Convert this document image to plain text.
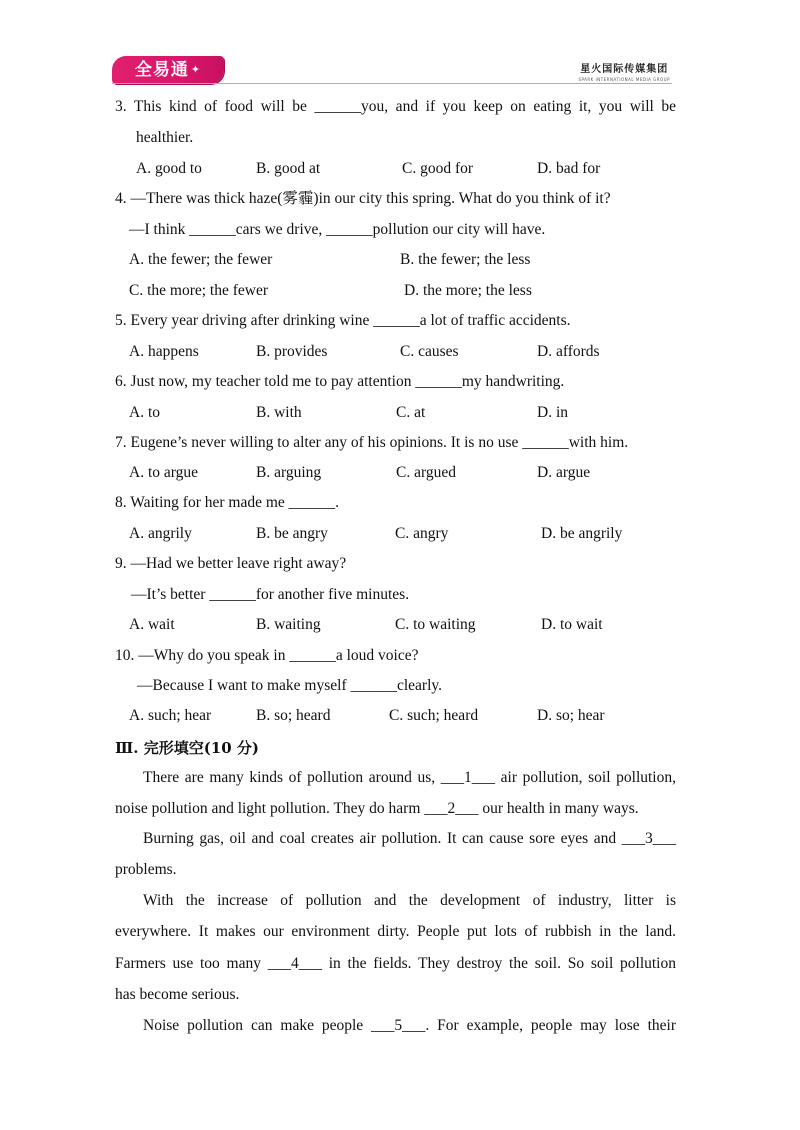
全易通 ✦	星火国际传媒集团
SPARK INTERNATIONAL MEDIA GROUP
3. This kind of food will be ______you, and if you keep on eating it, you will be
healthier.
A. good to	B. good at	C. good for	D. bad for
4. —There was thick haze(雾霾)in our city this spring. What do you think of it?
—I think ______cars we drive, ______pollution our city will have.
A. the fewer; the fewer	B. the fewer; the less
C. the more; the fewer	D. the more; the less
5. Every year driving after drinking wine ______a lot of traffic accidents.
A. happens	B. provides	C. causes	D. affords
6. Just now, my teacher told me to pay attention ______my handwriting.
A. to	B. with	C. at	D. in
7. Eugene’s never willing to alter any of his opinions. It is no use ______with him.
A. to argue	B. arguing	C. argued	D. argue
8. Waiting for her made me ______.
A. angrily	B. be angry	C. angry	D. be angrily
9. —Had we better leave right away?
—It’s better ______for another five minutes.
A. wait	B. waiting	C. to waiting	D. to wait
10. —Why do you speak in ______a loud voice?
—Because I want to make myself ______clearly.
A. such; hear	B. so; heard	C. such; heard	D. so; hear
Ⅲ. 完形填空(10 分)
There are many kinds of pollution around us, ___1___ air pollution, soil pollution,
noise pollution and light pollution. They do harm ___2___ our health in many ways.
Burning gas, oil and coal creates air pollution. It can cause sore eyes and ___3___
problems.
With the increase of pollution and the development of industry, litter is
everywhere. It makes our environment dirty. People put lots of rubbish in the land.
Farmers use too many ___4___ in the fields. They destroy the soil. So soil pollution
has become serious.
Noise pollution can make people ___5___. For example, people may lose their
